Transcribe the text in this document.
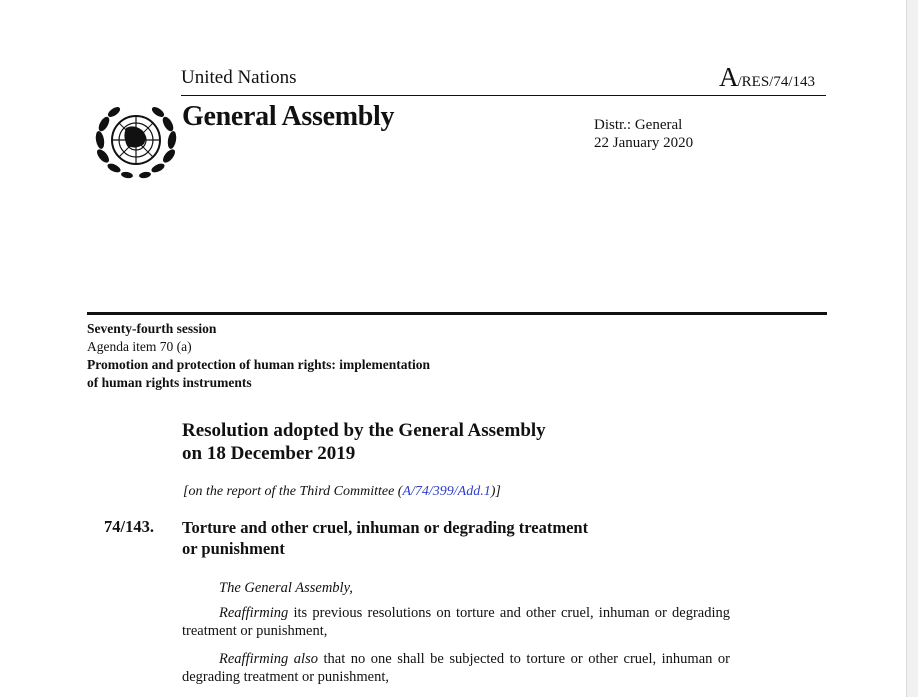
United Nations	A/RES/74/143
General Assembly	Distr.: General
22 January 2020
Seventy-fourth session
Agenda item 70 (a)
Promotion and protection of human rights: implementation
of human rights instruments
Resolution adopted by the General Assembly
on 18 December 2019
[on the report of the Third Committee (A/74/399/Add.1)]
74/143. Torture and other cruel, inhuman or degrading treatment
or punishment
The General Assembly,
Reaffirming its previous resolutions on torture and other cruel, inhuman or degrading treatment or punishment,
Reaffirming also that no one shall be subjected to torture or other cruel, inhuman or degrading treatment or punishment,
